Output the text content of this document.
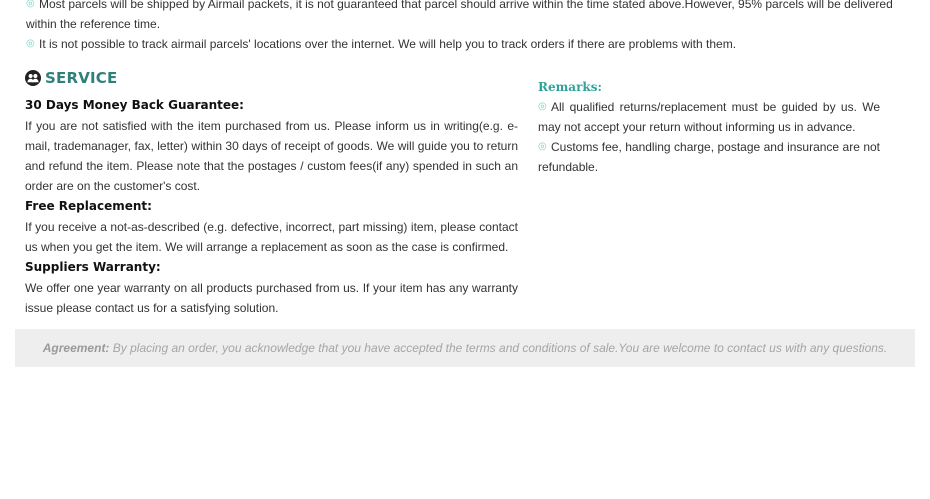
◎ Most parcels will be shipped by Airmail packets, it is not guaranteed that parcel should arrive within the time stated above.However, 95% parcels will be delivered within the reference time.

◎ It is not possible to track airmail parcels' locations over the internet. We will help you to track orders if there are problems with them.

SERVICE
30 Days Money Back Guarantee:

If you are not satisfied with the item purchased from us. Please inform us in writing(e.g. e-mail, trademanager, fax, letter) within 30 days of receipt of goods. We will guide you to return and refund the item. Please note that the postages / custom fees(if any) spended in such an order are on the customer's cost.

Free Replacement:

If you receive a not-as-described (e.g. defective, incorrect, part missing) item, please contact us when you get the item. We will arrange a replacement as soon as the case is confirmed.

Suppliers Warranty:

We offer one year warranty on all products purchased from us. If your item has any warranty issue please contact us for a satisfying solution.

Remarks:

◎ All qualified returns/replacement must be guided by us. We may not accept your return without informing us in advance.

◎ Customs fee, handling charge, postage and insurance are not refundable.

Agreement: By placing an order, you acknowledge that you have accepted the terms and conditions of sale.You are welcome to contact us with any questions.
